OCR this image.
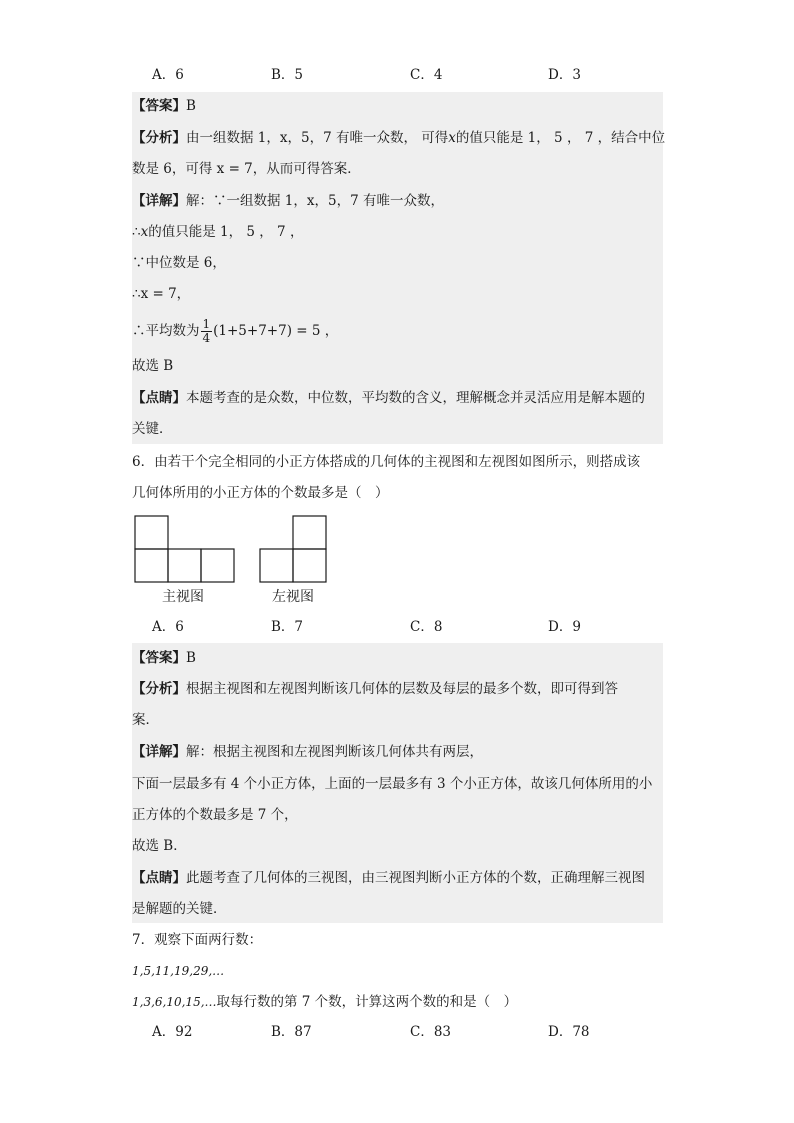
A．6	B．5	C．4	D．3
【答案】B
【分析】由一组数据 1，x，5，7 有唯一众数， 可得x的值只能是 1， 5 ， 7 ，结合中位
数是 6，可得 x = 7，从而可得答案．
【详解】解：∵一组数据 1，x，5，7 有唯一众数，
∴x的值只能是 1， 5 ， 7 ，
∵中位数是 6，
∴x = 7，
∴平均数为 $\frac{1}{4} (1+5+7+7) = 5$ ，
故选 B
【点睛】本题考查的是众数，中位数，平均数的含义，理解概念并灵活应用是解本题的
关键．
6．由若干个完全相同的小正方体搭成的几何体的主视图和左视图如图所示，则搭成该
几何体所用的小正方体的个数最多是（　）
主视图	左视图
A．6	B．7	C．8	D．9
【答案】B
【分析】根据主视图和左视图判断该几何体的层数及每层的最多个数，即可得到答
案．
【详解】解：根据主视图和左视图判断该几何体共有两层，
下面一层最多有 4 个小正方体，上面的一层最多有 3 个小正方体，故该几何体所用的小
正方体的个数最多是 7 个，
故选 B．
【点睛】此题考查了几何体的三视图，由三视图判断小正方体的个数，正确理解三视图
是解题的关键．
7．观察下面两行数：
1,5,11,19,29,…
1,3,6,10,15,…取每行数的第 7 个数，计算这两个数的和是（　）
A．92	B．87	C．83	D．78
